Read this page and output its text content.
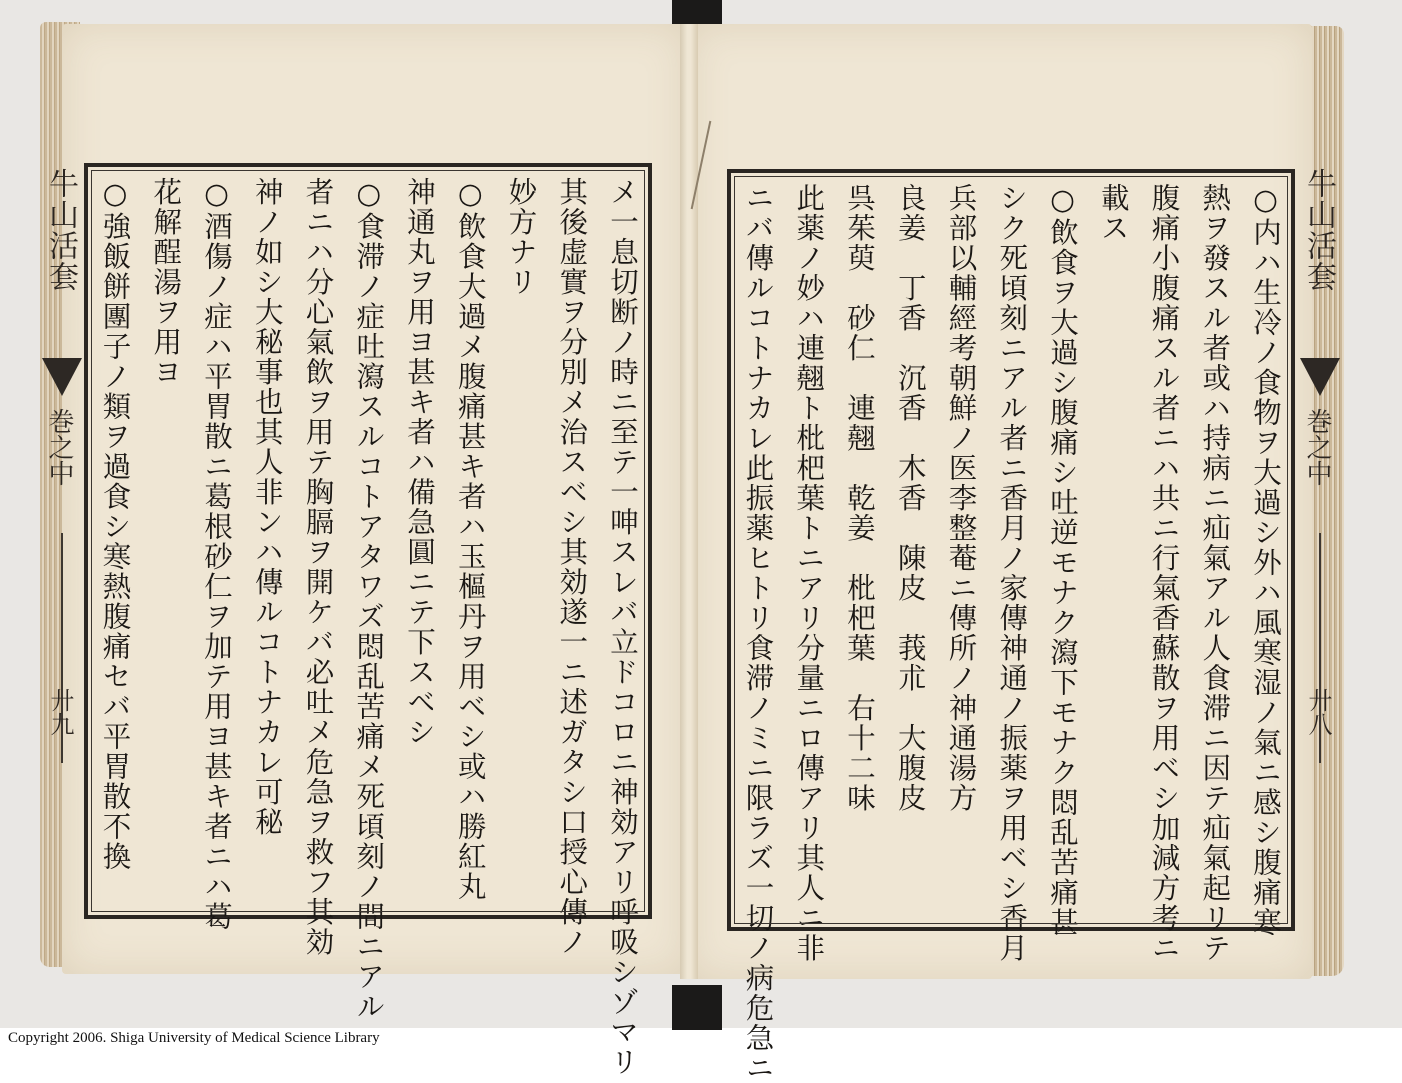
牛山活套
巻之中
廾九
牛山活套
巻之中
廾八
○内ハ生冷ノ食物ヲ大過シ外ハ風寒湿ノ氣ニ感シ腹痛寒
熱ヲ發スル者或ハ持病ニ疝氣アル人食滞ニ因テ疝氣起リテ
腹痛小腹痛スル者ニハ共ニ行氣香蘇散ヲ用ベシ加減方考ニ
載ス
○飲食ヲ大過シ腹痛シ吐逆モナク瀉下モナク悶乱苦痛甚
シク死頃刻ニアル者ニ香月ノ家傳神通ノ振薬ヲ用ベシ香月
兵部以輔經考朝鮮ノ医李整菴ニ傳所ノ神通湯方
良姜　丁香　沉香　木香　陳皮　莪朮　大腹皮
呉茱萸　砂仁　連翹　乾姜　枇杷葉　右十二味
此薬ノ妙ハ連翹ト枇杷葉トニアリ分量ニロ傳アリ其人ニ非
ニバ傳ルコトナカレ此振薬ヒトリ食滞ノミニ限ラズ一切ノ病危急ニ
メ一息切断ノ時ニ至テ一呻スレバ立ドコロニ神効アリ呼吸シゾマリ
其後虚實ヲ分別メ治スベシ其効遂一ニ述ガタシ口授心傳ノ
妙方ナリ
○飲食大過メ腹痛甚キ者ハ玉樞丹ヲ用ベシ或ハ勝紅丸
神通丸ヲ用ヨ甚キ者ハ備急圓ニテ下スベシ
○食滞ノ症吐瀉スルコトアタワズ悶乱苦痛メ死頃刻ノ間ニアル
者ニハ分心氣飲ヲ用テ胸膈ヲ開ケバ必吐メ危急ヲ救フ其効
神ノ如シ大秘事也其人非ンハ傳ルコトナカレ可秘
○酒傷ノ症ハ平胃散ニ葛根砂仁ヲ加テ用ヨ甚キ者ニハ葛
花解酲湯ヲ用ヨ
○強飯餅團子ノ類ヲ過食シ寒熱腹痛セバ平胃散不換
Copyright 2006. Shiga University of Medical Science Library
